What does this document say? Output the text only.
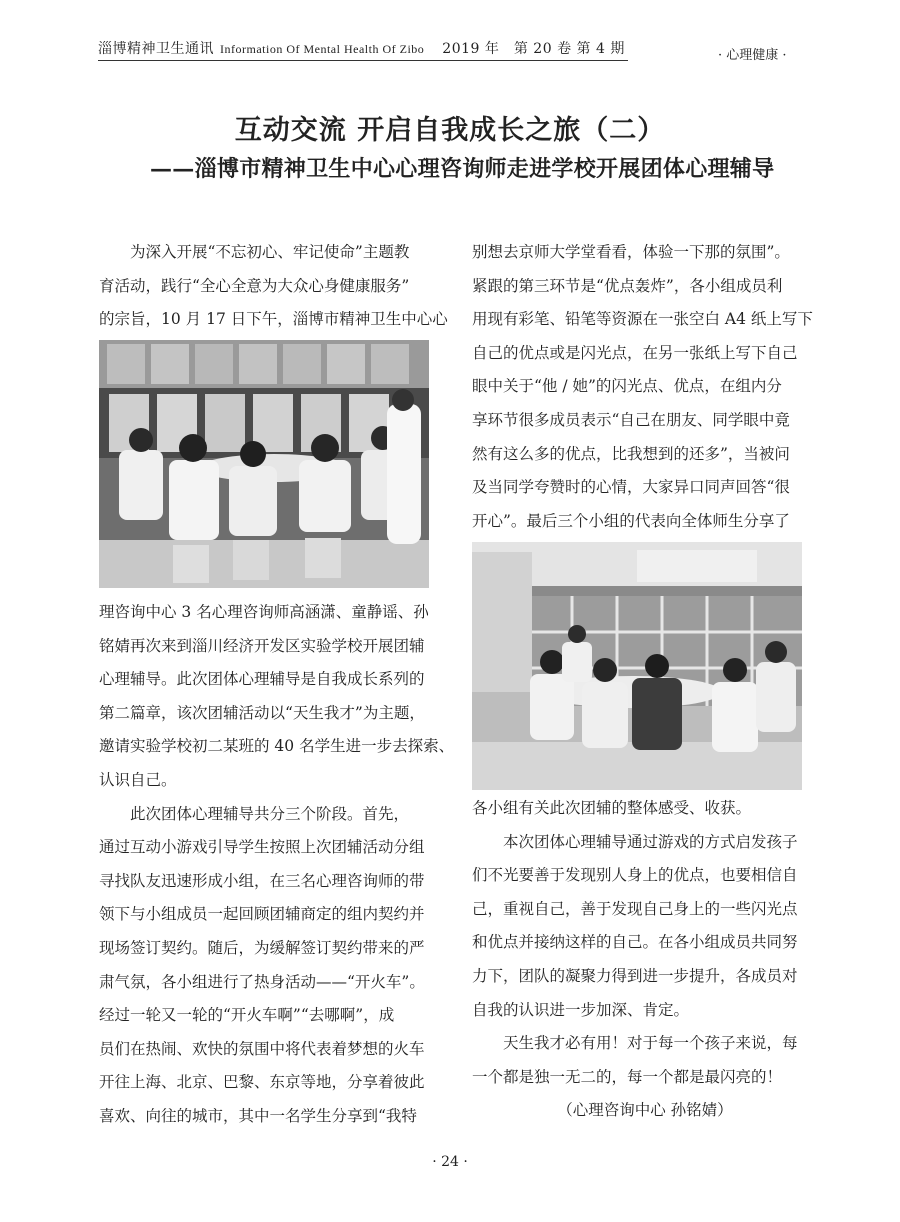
淄博精神卫生通讯 Information Of Mental Health Of Zibo 2019 年　第 20 卷 第 4 期	· 心理健康 ·
互动交流 开启自我成长之旅（二）
——淄博市精神卫生中心心理咨询师走进学校开展团体心理辅导

　　为深入开展“不忘初心、牢记使命”主题教

育活动，践行“全心全意为大众心身健康服务”

的宗旨，10 月 17 日下午，淄博市精神卫生中心心

理咨询中心 3 名心理咨询师高涵潇、童静谣、孙

铭婧再次来到淄川经济开发区实验学校开展团辅

心理辅导。此次团体心理辅导是自我成长系列的

第二篇章，该次团辅活动以“天生我才”为主题，

邀请实验学校初二某班的 40 名学生进一步去探索、

认识自己。

　　此次团体心理辅导共分三个阶段。首先，

通过互动小游戏引导学生按照上次团辅活动分组

寻找队友迅速形成小组，在三名心理咨询师的带

领下与小组成员一起回顾团辅商定的组内契约并

现场签订契约。随后，为缓解签订契约带来的严

肃气氛，各小组进行了热身活动——“开火车”。

经过一轮又一轮的“开火车啊”“去哪啊”，成

员们在热闹、欢快的氛围中将代表着梦想的火车

开往上海、北京、巴黎、东京等地，分享着彼此

喜欢、向往的城市，其中一名学生分享到“我特

别想去京师大学堂看看，体验一下那的氛围”。

紧跟的第三环节是“优点轰炸”，各小组成员利

用现有彩笔、铅笔等资源在一张空白 A4 纸上写下

自己的优点或是闪光点，在另一张纸上写下自己

眼中关于“他 / 她”的闪光点、优点，在组内分

享环节很多成员表示“自己在朋友、同学眼中竟

然有这么多的优点，比我想到的还多”，当被问

及当同学夸赞时的心情，大家异口同声回答“很

开心”。最后三个小组的代表向全体师生分享了

各小组有关此次团辅的整体感受、收获。

　　本次团体心理辅导通过游戏的方式启发孩子

们不光要善于发现别人身上的优点，也要相信自

己，重视自己，善于发现自己身上的一些闪光点

和优点并接纳这样的自己。在各小组成员共同努

力下，团队的凝聚力得到进一步提升，各成员对

自我的认识进一步加深、肯定。

　　天生我才必有用！对于每一个孩子来说，每

一个都是独一无二的，每一个都是最闪亮的！

　　　　　　（心理咨询中心 孙铭婧）

· 24 ·
